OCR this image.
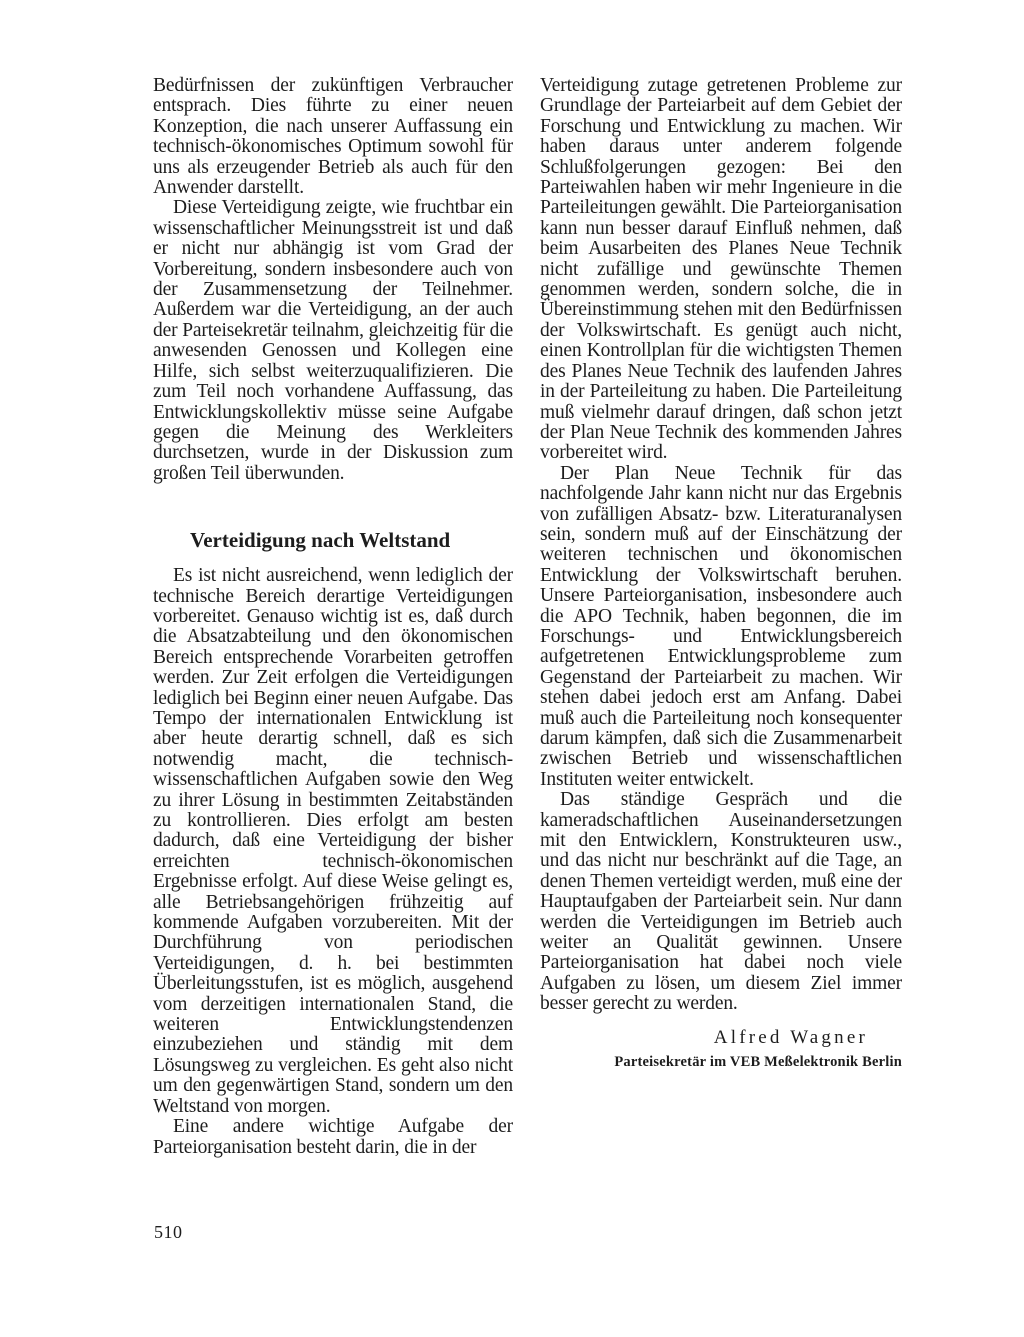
Bedürfnissen der zukünftigen Verbraucher entsprach. Dies führte zu einer neuen Konzeption, die nach unserer Auffassung ein technisch-ökonomisches Optimum sowohl für uns als erzeugender Betrieb als auch für den Anwender darstellt.

Diese Verteidigung zeigte, wie fruchtbar ein wissenschaftlicher Meinungsstreit ist und daß er nicht nur abhängig ist vom Grad der Vorbereitung, sondern insbesondere auch von der Zusammensetzung der Teilnehmer. Außerdem war die Verteidigung, an der auch der Parteisekretär teilnahm, gleichzeitig für die anwesenden Genossen und Kollegen eine Hilfe, sich selbst weiterzuqualifizieren. Die zum Teil noch vorhandene Auffassung, das Entwicklungskollektiv müsse seine Aufgabe gegen die Meinung des Werkleiters durchsetzen, wurde in der Diskussion zum großen Teil überwunden.

Verteidigung nach Weltstand

Es ist nicht ausreichend, wenn lediglich der technische Bereich derartige Verteidigungen vorbereitet. Genauso wichtig ist es, daß durch die Absatzabteilung und den ökonomischen Bereich entsprechende Vorarbeiten getroffen werden. Zur Zeit erfolgen die Verteidigungen lediglich bei Beginn einer neuen Aufgabe. Das Tempo der internationalen Entwicklung ist aber heute derartig schnell, daß es sich notwendig macht, die technisch-wissenschaftlichen Aufgaben sowie den Weg zu ihrer Lösung in bestimmten Zeitabständen zu kontrollieren. Dies erfolgt am besten dadurch, daß eine Verteidigung der bisher erreichten technisch-ökonomischen Ergebnisse erfolgt. Auf diese Weise gelingt es, alle Betriebsangehörigen frühzeitig auf kommende Aufgaben vorzubereiten. Mit der Durchführung von periodischen Verteidigungen, d. h. bei bestimmten Überleitungsstufen, ist es möglich, ausgehend vom derzeitigen internationalen Stand, die weiteren Entwicklungstendenzen einzubeziehen und ständig mit dem Lösungsweg zu vergleichen. Es geht also nicht um den gegenwärtigen Stand, sondern um den Weltstand von morgen.

Eine andere wichtige Aufgabe der Parteiorganisation besteht darin, die in der

Verteidigung zutage getretenen Probleme zur Grundlage der Parteiarbeit auf dem Gebiet der Forschung und Entwicklung zu machen. Wir haben daraus unter anderem folgende Schlußfolgerungen gezogen: Bei den Parteiwahlen haben wir mehr Ingenieure in die Parteileitungen gewählt. Die Parteiorganisation kann nun besser darauf Einfluß nehmen, daß beim Ausarbeiten des Planes Neue Technik nicht zufällige und gewünschte Themen genommen werden, sondern solche, die in Übereinstimmung stehen mit den Bedürfnissen der Volkswirtschaft. Es genügt auch nicht, einen Kontrollplan für die wichtigsten Themen des Planes Neue Technik des laufenden Jahres in der Parteileitung zu haben. Die Parteileitung muß vielmehr darauf dringen, daß schon jetzt der Plan Neue Technik des kommenden Jahres vorbereitet wird.

Der Plan Neue Technik für das nachfolgende Jahr kann nicht nur das Ergebnis von zufälligen Absatz- bzw. Literaturanalysen sein, sondern muß auf der Einschätzung der weiteren technischen und ökonomischen Entwicklung der Volkswirtschaft beruhen. Unsere Parteiorganisation, insbesondere auch die APO Technik, haben begonnen, die im Forschungs- und Entwicklungsbereich aufgetretenen Entwicklungsprobleme zum Gegenstand der Parteiarbeit zu machen. Wir stehen dabei jedoch erst am Anfang. Dabei muß auch die Parteileitung noch konsequenter darum kämpfen, daß sich die Zusammenarbeit zwischen Betrieb und wissenschaftlichen Instituten weiter entwickelt.

Das ständige Gespräch und die kameradschaftlichen Auseinandersetzungen mit den Entwicklern, Konstrukteuren usw., und das nicht nur beschränkt auf die Tage, an denen Themen verteidigt werden, muß eine der Hauptaufgaben der Parteiarbeit sein. Nur dann werden die Verteidigungen im Betrieb auch weiter an Qualität gewinnen. Unsere Parteiorganisation hat dabei noch viele Aufgaben zu lösen, um diesem Ziel immer besser gerecht zu werden.

Alfred Wagner
Parteisekretär im VEB Meßelektronik Berlin
510
